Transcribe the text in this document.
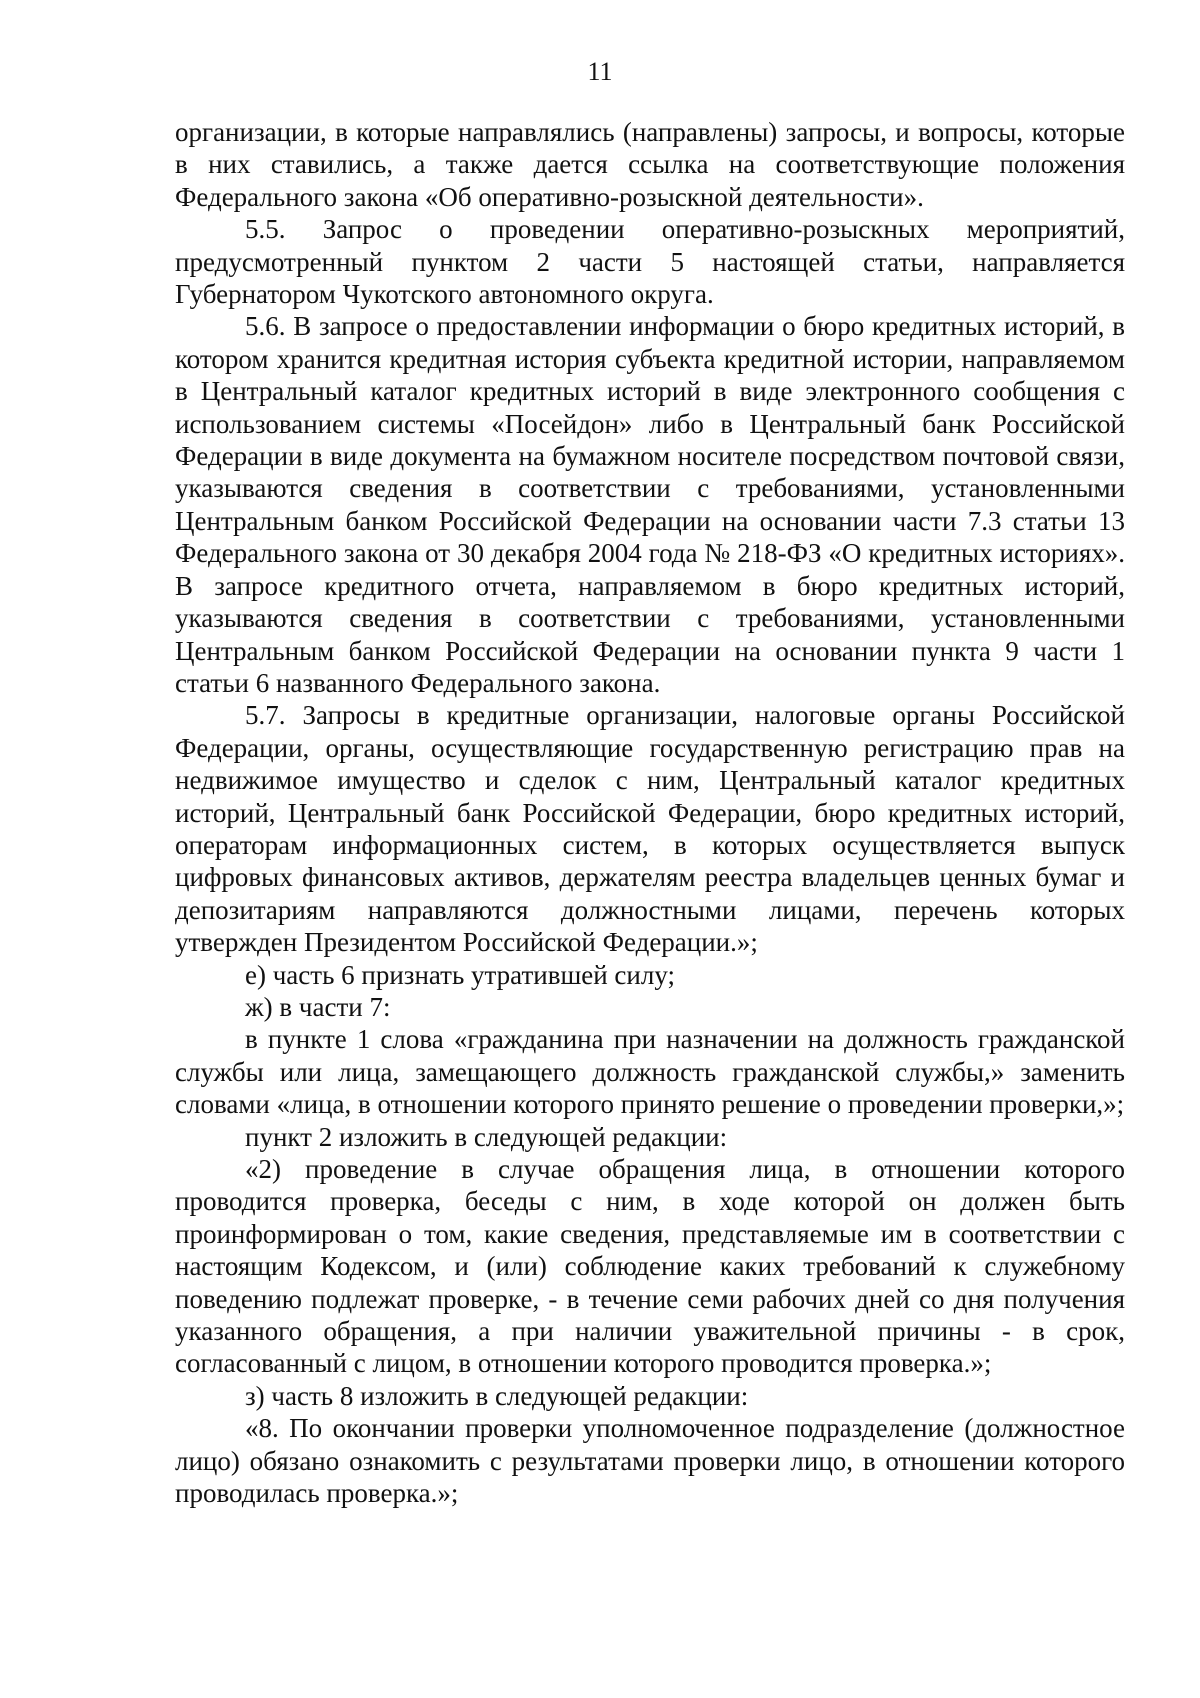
11

организации, в которые направлялись (направлены) запросы, и вопросы, которые в них ставились, а также дается ссылка на соответствующие положения Федерального закона «Об оперативно-розыскной деятельности».

5.5. Запрос о проведении оперативно-розыскных мероприятий, предусмотренный пунктом 2 части 5 настоящей статьи, направляется Губернатором Чукотского автономного округа.

5.6. В запросе о предоставлении информации о бюро кредитных историй, в котором хранится кредитная история субъекта кредитной истории, направляемом в Центральный каталог кредитных историй в виде электронного сообщения с использованием системы «Посейдон» либо в Центральный банк Российской Федерации в виде документа на бумажном носителе посредством почтовой связи, указываются сведения в соответствии с требованиями, установленными Центральным банком Российской Федерации на основании части 7.3 статьи 13 Федерального закона от 30 декабря 2004 года № 218-ФЗ «О кредитных историях». В запросе кредитного отчета, направляемом в бюро кредитных историй, указываются сведения в соответствии с требованиями, установленными Центральным банком Российской Федерации на основании пункта 9 части 1 статьи 6 названного Федерального закона.

5.7. Запросы в кредитные организации, налоговые органы Российской Федерации, органы, осуществляющие государственную регистрацию прав на недвижимое имущество и сделок с ним, Центральный каталог кредитных историй, Центральный банк Российской Федерации, бюро кредитных историй, операторам информационных систем, в которых осуществляется выпуск цифровых финансовых активов, держателям реестра владельцев ценных бумаг и депозитариям направляются должностными лицами, перечень которых утвержден Президентом Российской Федерации.»;

е) часть 6 признать утратившей силу;

ж) в части 7:

в пункте 1 слова «гражданина при назначении на должность гражданской службы или лица, замещающего должность гражданской службы,» заменить словами «лица, в отношении которого принято решение о проведении проверки,»;

пункт 2 изложить в следующей редакции:

«2) проведение в случае обращения лица, в отношении которого проводится проверка, беседы с ним, в ходе которой он должен быть проинформирован о том, какие сведения, представляемые им в соответствии с настоящим Кодексом, и (или) соблюдение каких требований к служебному поведению подлежат проверке, - в течение семи рабочих дней со дня получения указанного обращения, а при наличии уважительной причины - в срок, согласованный с лицом, в отношении которого проводится проверка.»;

з) часть 8 изложить в следующей редакции:

«8. По окончании проверки уполномоченное подразделение (должностное лицо) обязано ознакомить с результатами проверки лицо, в отношении которого проводилась проверка.»;
